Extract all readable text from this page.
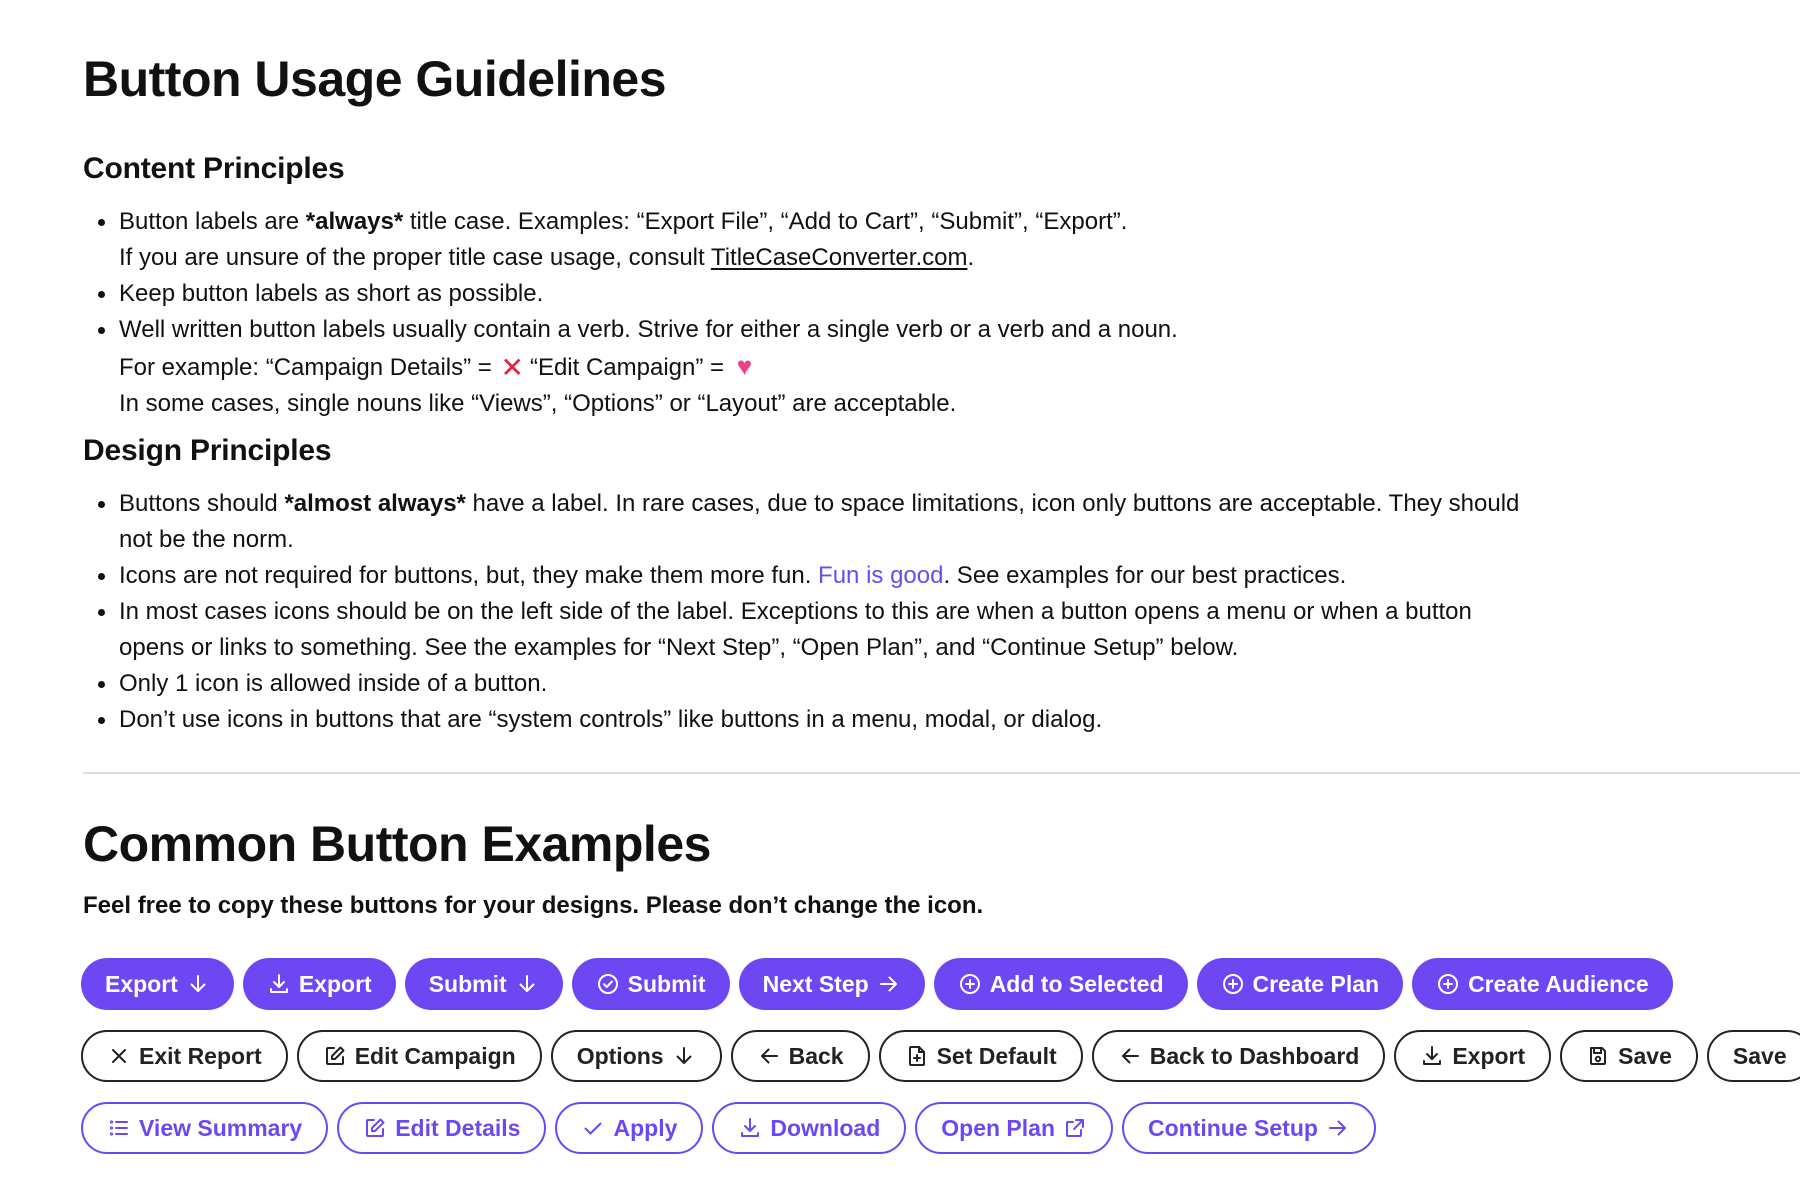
Button Usage Guidelines
Content Principles
Button labels are *always* title case. Examples: “Export File”, “Add to Cart”, “Submit”, “Export”.
If you are unsure of the proper title case usage, consult TitleCaseConverter.com.
Keep button labels as short as possible.
Well written button labels usually contain a verb. Strive for either a single verb or a verb and a noun.
For example: “Campaign Details” = ✕ “Edit Campaign” = ♥
In some cases, single nouns like “Views”, “Options” or “Layout” are acceptable.
Design Principles
Buttons should *almost always* have a label. In rare cases, due to space limitations, icon only buttons are acceptable. They should not be the norm.
Icons are not required for buttons, but, they make them more fun. Fun is good. See examples for our best practices.
In most cases icons should be on the left side of the label. Exceptions to this are when a button opens a menu or when a button opens or links to something. See the examples for “Next Step”, “Open Plan”, and “Continue Setup” below.
Only 1 icon is allowed inside of a button.
Don’t use icons in buttons that are “system controls” like buttons in a menu, modal, or dialog.
Common Button Examples

Feel free to copy these buttons for your designs. Please don’t change the icon.

Export	Export Submit	Submit Next Step	Add to Selected	Create Plan	Create Audience
Exit Report	Edit Campaign	Options	Back	Set Default	Back to Dashboard	Export	Save	Save
View Summary	Edit Details	Apply	Download	Open Plan	Continue Setup
